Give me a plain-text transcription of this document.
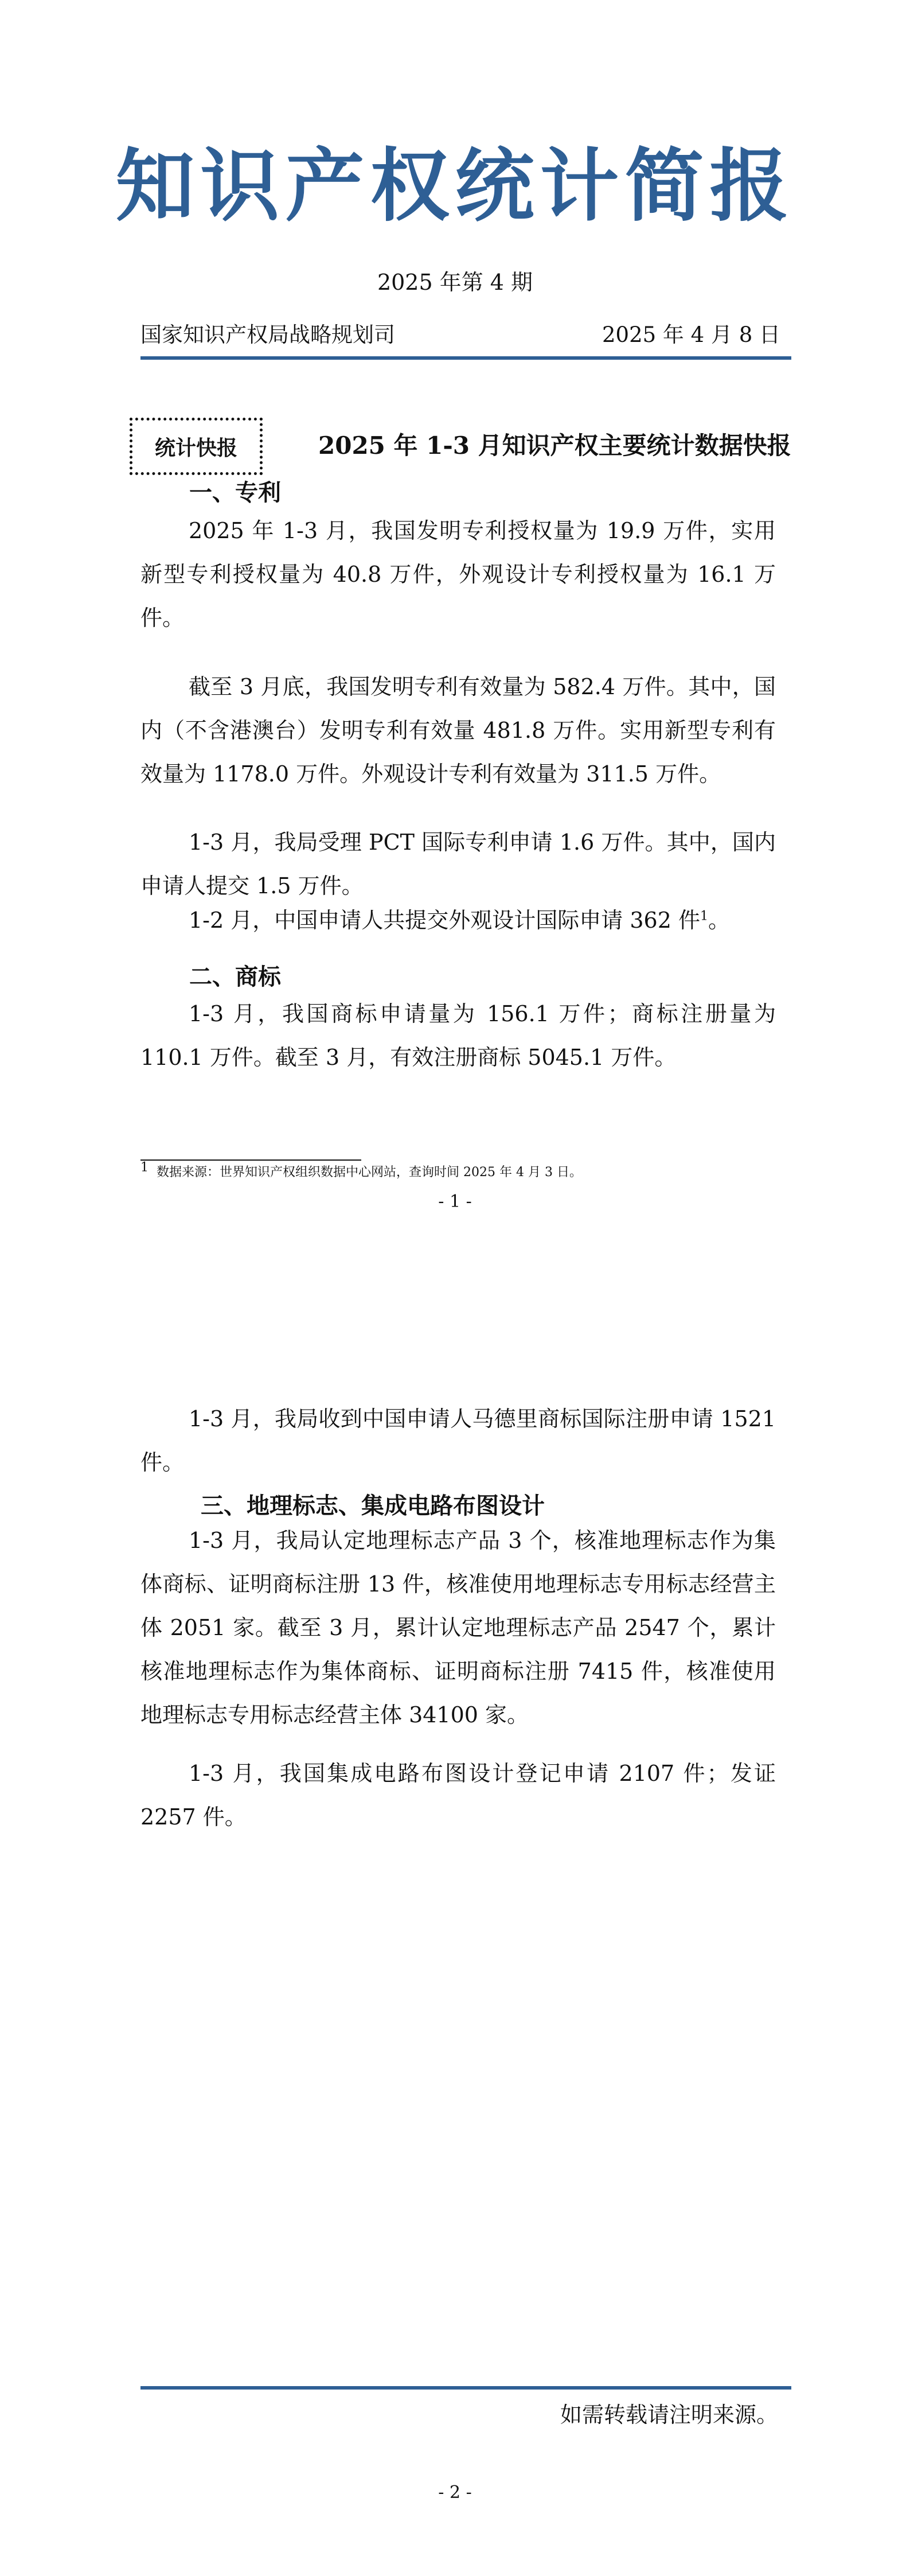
知识产权统计简报
2025 年第 4 期
国家知识产权局战略规划司	2025 年 4 月 8 日
统计快报	2025 年 1-3 月知识产权主要统计数据快报
一、专利

2025 年 1-3 月，我国发明专利授权量为 19.9 万件，实用新型专利授权量为 40.8 万件，外观设计专利授权量为 16.1 万件。

截至 3 月底，我国发明专利有效量为 582.4 万件。其中，国内（不含港澳台）发明专利有效量 481.8 万件。实用新型专利有效量为 1178.0 万件。外观设计专利有效量为 311.5 万件。

1-3 月，我局受理 PCT 国际专利申请 1.6 万件。其中，国内申请人提交 1.5 万件。

1-2 月，中国申请人共提交外观设计国际申请 362 件$^1$。

二、商标

1-3 月，我国商标申请量为 156.1 万件；商标注册量为 110.1 万件。截至 3 月，有效注册商标 5045.1 万件。

$^1$ 数据来源：世界知识产权组织数据中心网站，查询时间 2025 年 4 月 3 日。
- 1 -

1-3 月，我局收到中国申请人马德里商标国际注册申请 1521 件。

三、地理标志、集成电路布图设计

1-3 月，我局认定地理标志产品 3 个，核准地理标志作为集体商标、证明商标注册 13 件，核准使用地理标志专用标志经营主体 2051 家。截至 3 月，累计认定地理标志产品 2547 个，累计核准地理标志作为集体商标、证明商标注册 7415 件，核准使用地理标志专用标志经营主体 34100 家。

1-3 月，我国集成电路布图设计登记申请 2107 件；发证 2257 件。

如需转载请注明来源。
- 2 -
